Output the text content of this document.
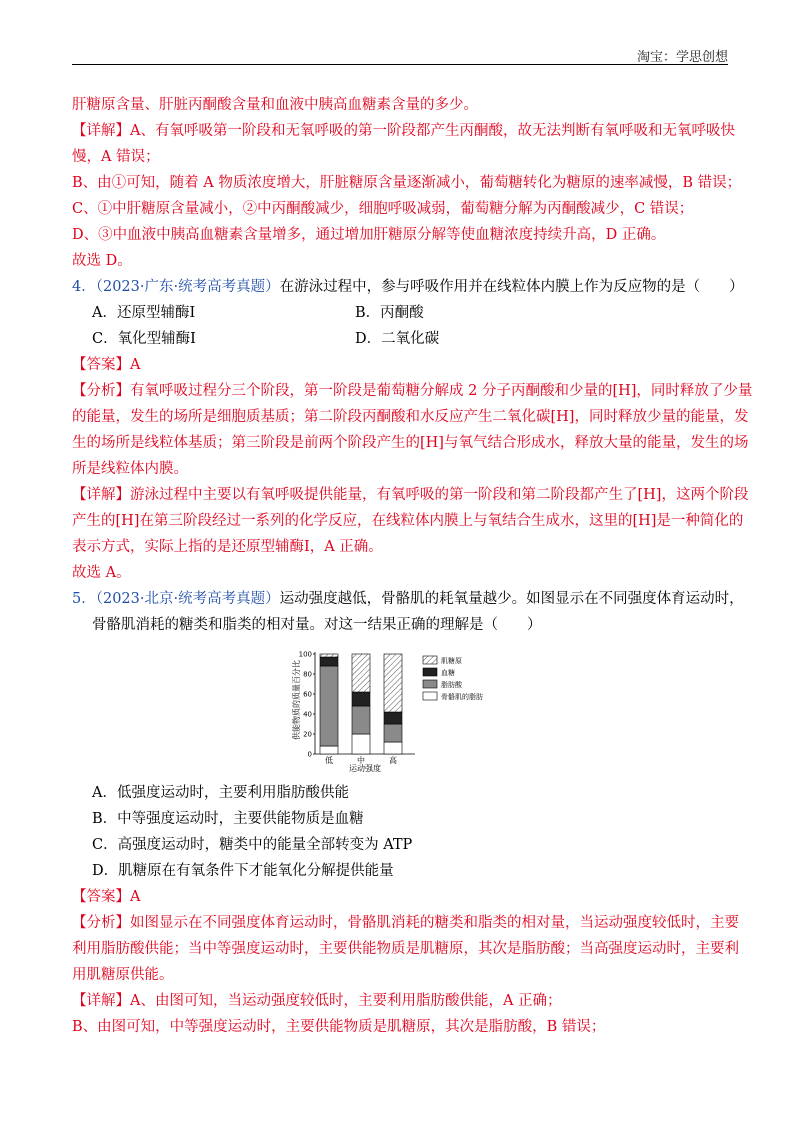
淘宝：学思创想
肝糖原含量、肝脏丙酮酸含量和血液中胰高血糖素含量的多少。
【详解】A、有氧呼吸第一阶段和无氧呼吸的第一阶段都产生丙酮酸，故无法判断有氧呼吸和无氧呼吸快
慢，A 错误；
B、由①可知，随着 A 物质浓度增大，肝脏糖原含量逐渐减小，葡萄糖转化为糖原的速率减慢，B 错误；
C、①中肝糖原含量减小，②中丙酮酸减少，细胞呼吸减弱，葡萄糖分解为丙酮酸减少，C 错误；
D、③中血液中胰高血糖素含量增多，通过增加肝糖原分解等使血糖浓度持续升高，D 正确。
故选 D。
4．（2023·广东·统考高考真题）在游泳过程中，参与呼吸作用并在线粒体内膜上作为反应物的是（　　）
A．还原型辅酶Ⅰ	B．丙酮酸
C．氧化型辅酶Ⅰ	D．二氧化碳
【答案】A
【分析】有氧呼吸过程分三个阶段，第一阶段是葡萄糖分解成 2 分子丙酮酸和少量的[H]，同时释放了少量
的能量，发生的场所是细胞质基质；第二阶段丙酮酸和水反应产生二氧化碳[H]，同时释放少量的能量，发
生的场所是线粒体基质；第三阶段是前两个阶段产生的[H]与氧气结合形成水，释放大量的能量，发生的场
所是线粒体内膜。
【详解】游泳过程中主要以有氧呼吸提供能量，有氧呼吸的第一阶段和第二阶段都产生了[H]，这两个阶段
产生的[H]在第三阶段经过一系列的化学反应，在线粒体内膜上与氧结合生成水，这里的[H]是一种简化的
表示方式，实际上指的是还原型辅酶Ⅰ，A 正确。
故选 A。
5．（2023·北京·统考高考真题）运动强度越低，骨骼肌的耗氧量越少。如图显示在不同强度体育运动时，
骨骼肌消耗的糖类和脂类的相对量。对这一结果正确的理解是（　　）
供能物质的质量百分比
运动强度
0
20
40
60
80
100
低	中	高
肌糖原
血糖
脂肪酸
骨骼肌的脂肪
A．低强度运动时，主要利用脂肪酸供能
B．中等强度运动时，主要供能物质是血糖
C．高强度运动时，糖类中的能量全部转变为 ATP
D．肌糖原在有氧条件下才能氧化分解提供能量
【答案】A
【分析】如图显示在不同强度体育运动时，骨骼肌消耗的糖类和脂类的相对量，当运动强度较低时，主要
利用脂肪酸供能；当中等强度运动时，主要供能物质是肌糖原，其次是脂肪酸；当高强度运动时，主要利
用肌糖原供能。
【详解】A、由图可知，当运动强度较低时，主要利用脂肪酸供能，A 正确；
B、由图可知，中等强度运动时，主要供能物质是肌糖原，其次是脂肪酸，B 错误；
